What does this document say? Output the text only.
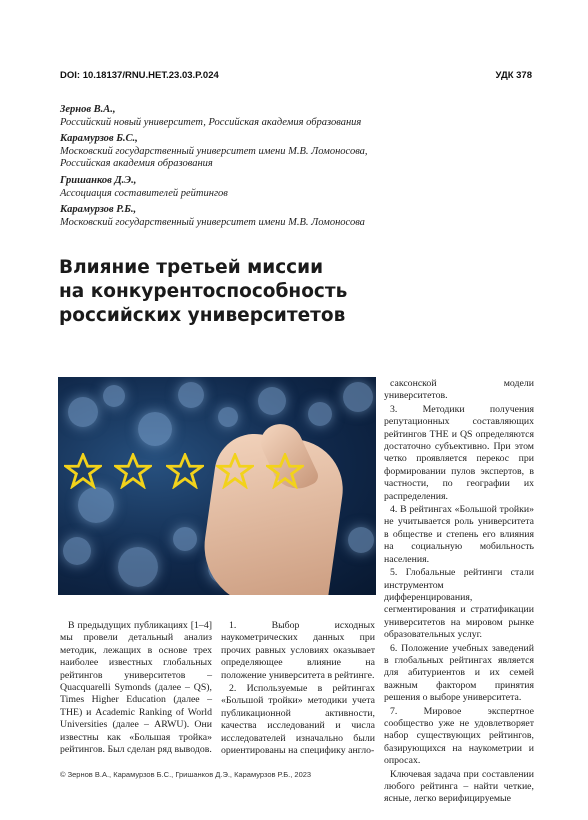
DOI: 10.18137/RNU.HET.23.03.P.024	УДК 378
Зернов В.А.,
Российский новый университет, Российская академия образования
Карамурзов Б.С.,
Московский государственный университет имени М.В. Ломоносова,
Российская академия образования
Гришанков Д.Э.,
Ассоциация составителей рейтингов
Карамурзов Р.Б.,
Московский государственный университет имени М.В. Ломоносова
Влияние третьей миссии
на конкурентоспособность
российских университетов

В предыдущих публикациях [1–4] мы провели детальный анализ методик, лежащих в основе трех наиболее известных глобальных рейтингов университетов – Quacquarelli Symonds (далее – QS), Times Higher Education (далее – THE) и Academic Ranking of World Universities (далее – ARWU). Они известны как «Большая тройка» рейтингов. Был сделан ряд выводов.

1. Выбор исходных наукометрических данных при прочих равных условиях оказывает определяющее влияние на положение университета в рейтинге.

2. Используемые в рейтингах «Большой тройки» методики учета публикационной активности, качества исследований и числа исследователей изначально были ориентированы на специфику англо-

саксонской модели университетов.

3. Методики получения репутационных составляющих рейтингов THE и QS определяются достаточно субъективно. При этом четко проявляется перекос при формировании пулов экспертов, в частности, по географии их распределения.

4. В рейтингах «Большой тройки» не учитывается роль университета в обществе и степень его влияния на социальную мобильность населения.

5. Глобальные рейтинги стали инструментом дифференцирования, сегментирования и стратификации университетов на мировом рынке образовательных услуг.

6. Положение учебных заведений в глобальных рейтингах является для абитуриентов и их семей важным фактором принятия решения о выборе университета.

7. Мировое экспертное сообщество уже не удовлетворяет набор существующих рейтингов, базирующихся на наукометрии и опросах.

Ключевая задача при составлении любого рейтинга – найти четкие, ясные, легко верифицируемые

© Зернов В.А., Карамурзов Б.С., Гришанков Д.Э., Карамурзов Р.Б., 2023
